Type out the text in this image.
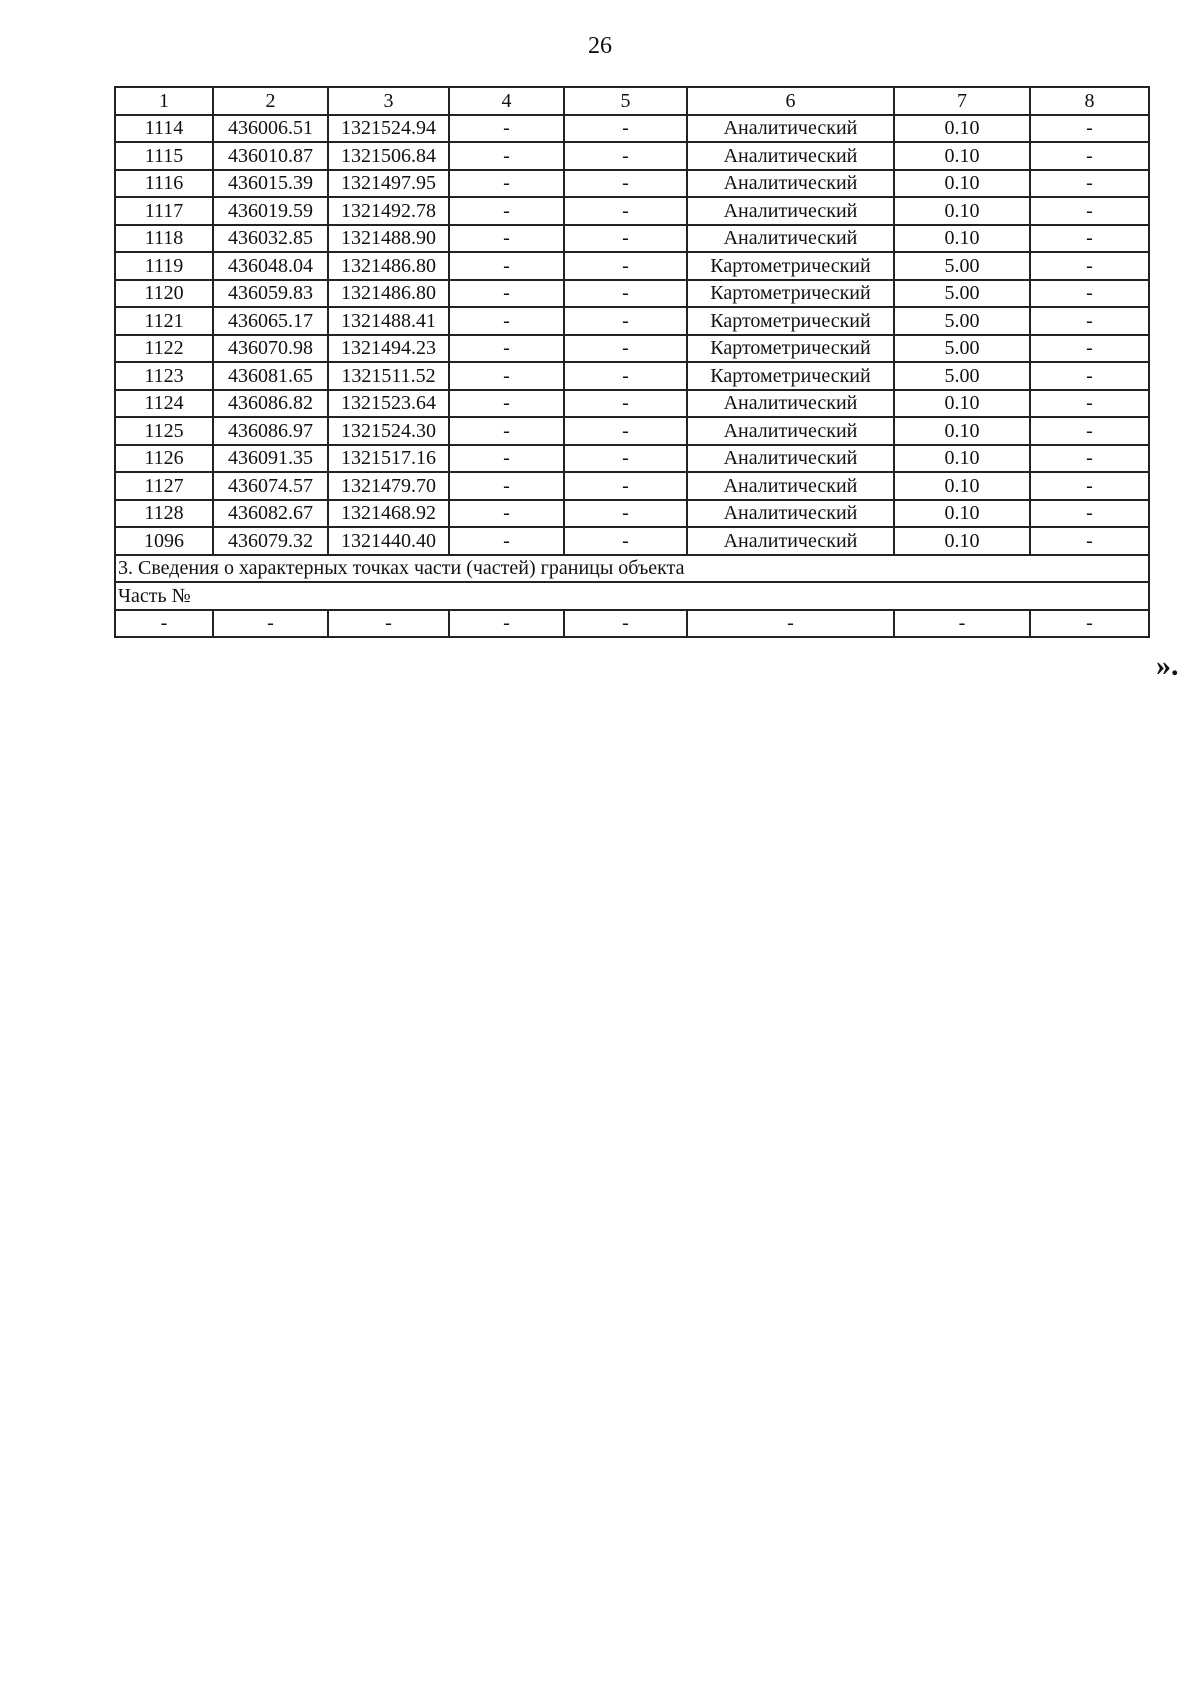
26
1	2	3	4	5	6	7	8
1114	436006.51	1321524.94	-	-	Аналитический	0.10	-
1115	436010.87	1321506.84	-	-	Аналитический	0.10	-
1116	436015.39	1321497.95	-	-	Аналитический	0.10	-
1117	436019.59	1321492.78	-	-	Аналитический	0.10	-
1118	436032.85	1321488.90	-	-	Аналитический	0.10	-
1119	436048.04	1321486.80	-	-	Картометрический	5.00	-
1120	436059.83	1321486.80	-	-	Картометрический	5.00	-
1121	436065.17	1321488.41	-	-	Картометрический	5.00	-
1122	436070.98	1321494.23	-	-	Картометрический	5.00	-
1123	436081.65	1321511.52	-	-	Картометрический	5.00	-
1124	436086.82	1321523.64	-	-	Аналитический	0.10	-
1125	436086.97	1321524.30	-	-	Аналитический	0.10	-
1126	436091.35	1321517.16	-	-	Аналитический	0.10	-
1127	436074.57	1321479.70	-	-	Аналитический	0.10	-
1128	436082.67	1321468.92	-	-	Аналитический	0.10	-
1096	436079.32	1321440.40	-	-	Аналитический	0.10	-
3. Сведения о характерных точках части (частей) границы объекта							
Часть №							
-	-	-	-	-	-	-	-
».
